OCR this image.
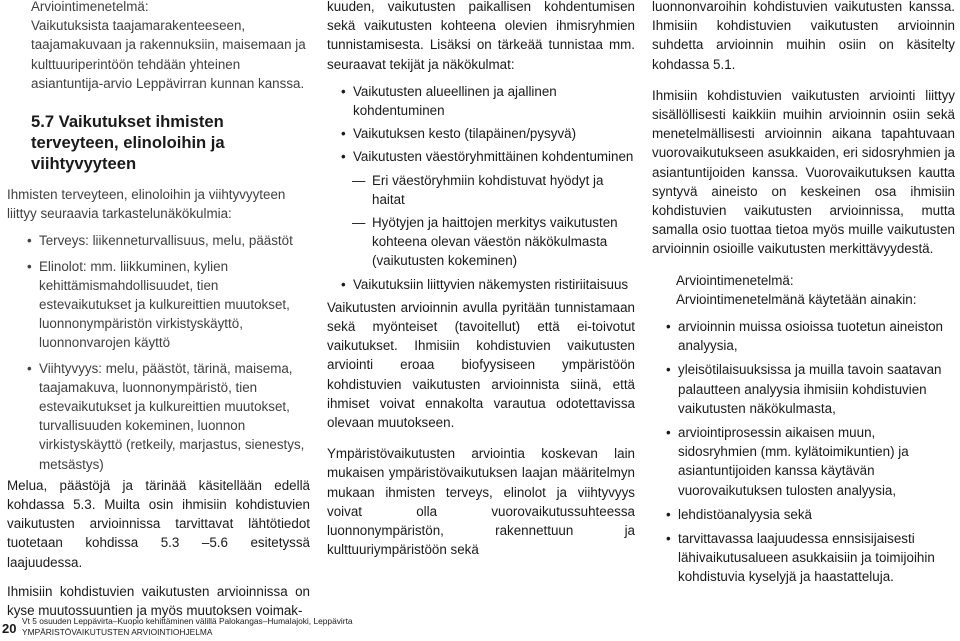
Arviointimenetelmä:

Vaikutuksista taajamarakenteeseen, taajamakuvaan ja rakennuksiin, maisemaan ja kulttuuriperintöön tehdään yhteinen asiantuntija-arvio Leppävirran kunnan kanssa.

5.7 Vaikutukset ihmisten terveyteen, elinoloihin ja viihtyvyyteen

Ihmisten terveyteen, elinoloihin ja viihtyvyyteen liittyy seuraavia tarkastelunäkökulmia:

• Terveys: liikenneturvallisuus, melu, päästöt
• Elinolot: mm. liikkuminen, kylien kehittämismahdollisuudet, tien estevaikutukset ja kulkureittien muutokset, luonnonympäristön virkistyskäyttö, luonnonvarojen käyttö
• Viihtyvyys: melu, päästöt, tärinä, maisema, taajamakuva, luonnonympäristö, tien estevaikutukset ja kulkureittien muutokset, turvallisuuden kokeminen, luonnon virkistyskäyttö (retkeily, marjastus, sienestys, metsästys)

Melua, päästöjä ja tärinää käsitellään edellä kohdassa 5.3. Muilta osin ihmisiin kohdistuvien vaikutusten arvioinnissa tarvittavat lähtötiedot tuotetaan kohdissa 5.3 –5.6 esitetyssä laajuudessa.

Ihmisiin kohdistuvien vaikutusten arvioinnissa on kyse muutossuuntien ja myös muutoksen voimak-

kuuden, vaikutusten paikallisen kohdentumisen sekä vaikutusten kohteena olevien ihmisryhmien tunnistamisesta. Lisäksi on tärkeää tunnistaa mm. seuraavat tekijät ja näkökulmat:

• Vaikutusten alueellinen ja ajallinen kohdentuminen
• Vaikutuksen kesto (tilapäinen/pysyvä)
• Vaikutusten väestöryhmittäinen kohdentuminen
— Eri väestöryhmiin kohdistuvat hyödyt ja haitat
— Hyötyjen ja haittojen merkitys vaikutusten kohteena olevan väestön näkökulmasta (vaikutusten kokeminen)
• Vaikutuksiin liittyvien näkemysten ristiriitaisuus

Vaikutusten arvioinnin avulla pyritään tunnistamaan sekä myönteiset (tavoitellut) että ei-toivotut vaikutukset. Ihmisiin kohdistuvien vaikutusten arviointi eroaa biofyysiseen ympäristöön kohdistuvien vaikutusten arvioinnista siinä, että ihmiset voivat ennakolta varautua odotettavissa olevaan muutokseen.

Ympäristövaikutusten arviointia koskevan lain mukaisen ympäristövaikutuksen laajan määritelmyn mukaan ihmisten terveys, elinolot ja viihtyvyys voivat olla vuorovaikutussuhteessa luonnonympäristön, rakennettuun ja kulttuuriympäristöön sekä

luonnonvaroihin kohdistuvien vaikutusten kanssa. Ihmisiin kohdistuvien vaikutusten arvioinnin suhdetta arvioinnin muihin osiin on käsitelty kohdassa 5.1.

Ihmisiin kohdistuvien vaikutusten arviointi liittyy sisällöllisesti kaikkiin muihin arvioinnin osiin sekä menetelmällisesti arvioinnin aikana tapahtuvaan vuorovaikutukseen asukkaiden, eri sidosryhmien ja asiantuntijoiden kanssa. Vuorovaikutuksen kautta syntyvä aineisto on keskeinen osa ihmisiin kohdistuvien vaikutusten arvioinnissa, mutta samalla osio tuottaa tietoa myös muille vaikutusten arvioinnin osioille vaikutusten merkittävyydestä.

Arviointimenetelmä:

Arviointimenetelmänä käytetään ainakin:

• arvioinnin muissa osioissa tuotetun aineiston analyysia,
• yleisötilaisuuksissa ja muilla tavoin saatavan palautteen analyysia ihmisiin kohdistuvien vaikutusten näkökulmasta,
• arviointiprosessin aikaisen muun, sidosryhmien (mm. kylätoimikuntien) ja asiantuntijoiden kanssa käytävän vuorovaikutuksen tulosten analyysia,
• lehdistöanalyysia sekä
• tarvittavassa laajuudessa ennsisijaisesti lähivaikutusalueen asukkaisiin ja toimijoihin kohdistuvia kyselyjä ja haastatteluja.
20 Vt 5 osuuden Leppävirta–Kuopio kehittäminen välillä Palokangas–Humalajoki, Leppävirta
YMPÄRISTÖVAIKUTUSTEN ARVIOINTIOHJELMA
